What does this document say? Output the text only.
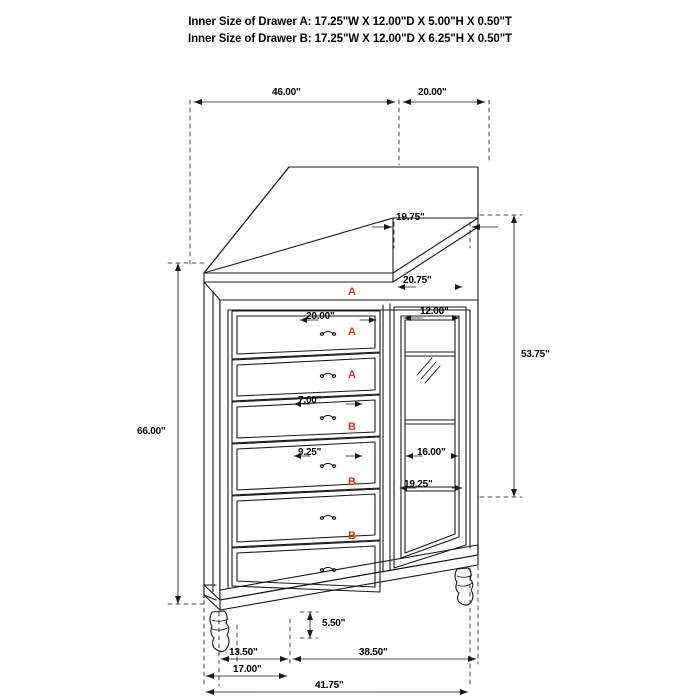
Inner Size of Drawer A: 17.25"W X 12.00"D X 5.00"H X 0.50"T
Inner Size of Drawer B: 17.25"W X 12.00"D X 6.25"H X 0.50"T
46.00"	20.00"
19.75"
20.75"
12.00"
53.75"
66.00"
20.00"
7.00"
9.25"	16.00"
19.25"
5.50"
13.50"	38.50"
17.00"
41.75"
A
A
A
B
B
B
